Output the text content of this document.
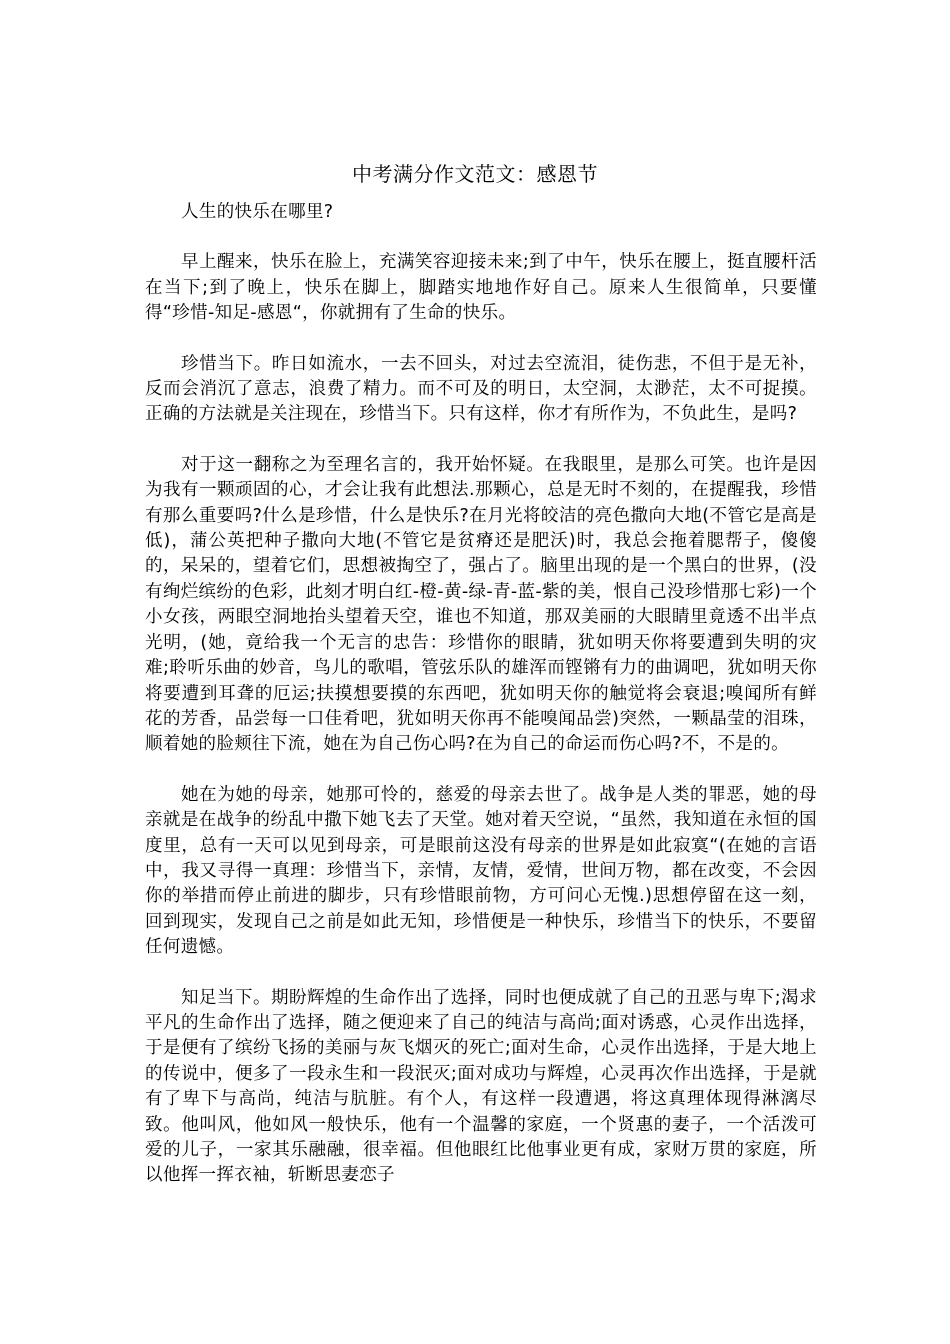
中考满分作文范文：感恩节

人生的快乐在哪里?

早上醒来，快乐在脸上，充满笑容迎接未来;到了中午，快乐在腰上，挺直腰杆活在当下;到了晚上，快乐在脚上，脚踏实地地作好自己。原来人生很简单，只要懂得“珍惜-知足-感恩“，你就拥有了生命的快乐。

珍惜当下。昨日如流水，一去不回头，对过去空流泪，徒伤悲，不但于是无补，反而会消沉了意志，浪费了精力。而不可及的明日，太空洞，太渺茫，太不可捉摸。正确的方法就是关注现在，珍惜当下。只有这样，你才有所作为，不负此生，是吗?

对于这一翻称之为至理名言的，我开始怀疑。在我眼里，是那么可笑。也许是因为我有一颗顽固的心，才会让我有此想法.那颗心，总是无时不刻的，在提醒我，珍惜有那么重要吗?什么是珍惜，什么是快乐?在月光将皎洁的亮色撒向大地(不管它是高是低)，蒲公英把种子撒向大地(不管它是贫瘠还是肥沃)时，我总会拖着腮帮子，傻傻的，呆呆的，望着它们，思想被掏空了，强占了。脑里出现的是一个黑白的世界，(没有绚烂缤纷的色彩，此刻才明白红-橙-黄-绿-青-蓝-紫的美，恨自己没珍惜那七彩)一个小女孩，两眼空洞地抬头望着天空，谁也不知道，那双美丽的大眼睛里竟透不出半点光明，(她，竟给我一个无言的忠告：珍惜你的眼睛，犹如明天你将要遭到失明的灾难;聆听乐曲的妙音，鸟儿的歌唱，管弦乐队的雄浑而铿锵有力的曲调吧，犹如明天你将要遭到耳聋的厄运;扶摸想要摸的东西吧，犹如明天你的触觉将会衰退;嗅闻所有鲜花的芳香，品尝每一口佳肴吧，犹如明天你再不能嗅闻品尝)突然，一颗晶莹的泪珠，顺着她的脸颊往下流，她在为自己伤心吗?在为自己的命运而伤心吗?不，不是的。

她在为她的母亲，她那可怜的，慈爱的母亲去世了。战争是人类的罪恶，她的母亲就是在战争的纷乱中撒下她飞去了天堂。她对着天空说，“虽然，我知道在永恒的国度里，总有一天可以见到母亲，可是眼前这没有母亲的世界是如此寂寞“(在她的言语中，我又寻得一真理：珍惜当下，亲情，友情，爱情，世间万物，都在改变，不会因你的举措而停止前进的脚步，只有珍惜眼前物，方可问心无愧.)思想停留在这一刻，回到现实，发现自己之前是如此无知，珍惜便是一种快乐，珍惜当下的快乐，不要留任何遗憾。

知足当下。期盼辉煌的生命作出了选择，同时也便成就了自己的丑恶与卑下;渴求平凡的生命作出了选择，随之便迎来了自己的纯洁与高尚;面对诱惑，心灵作出选择，于是便有了缤纷飞扬的美丽与灰飞烟灭的死亡;面对生命，心灵作出选择，于是大地上的传说中，便多了一段永生和一段泯灭;面对成功与辉煌，心灵再次作出选择，于是就有了卑下与高尚，纯洁与肮脏。有个人，有这样一段遭遇，将这真理体现得淋漓尽致。他叫风，他如风一般快乐，他有一个温馨的家庭，一个贤惠的妻子，一个活泼可爱的儿子，一家其乐融融，很幸福。但他眼红比他事业更有成，家财万贯的家庭，所以他挥一挥衣袖，斩断思妻恋子
